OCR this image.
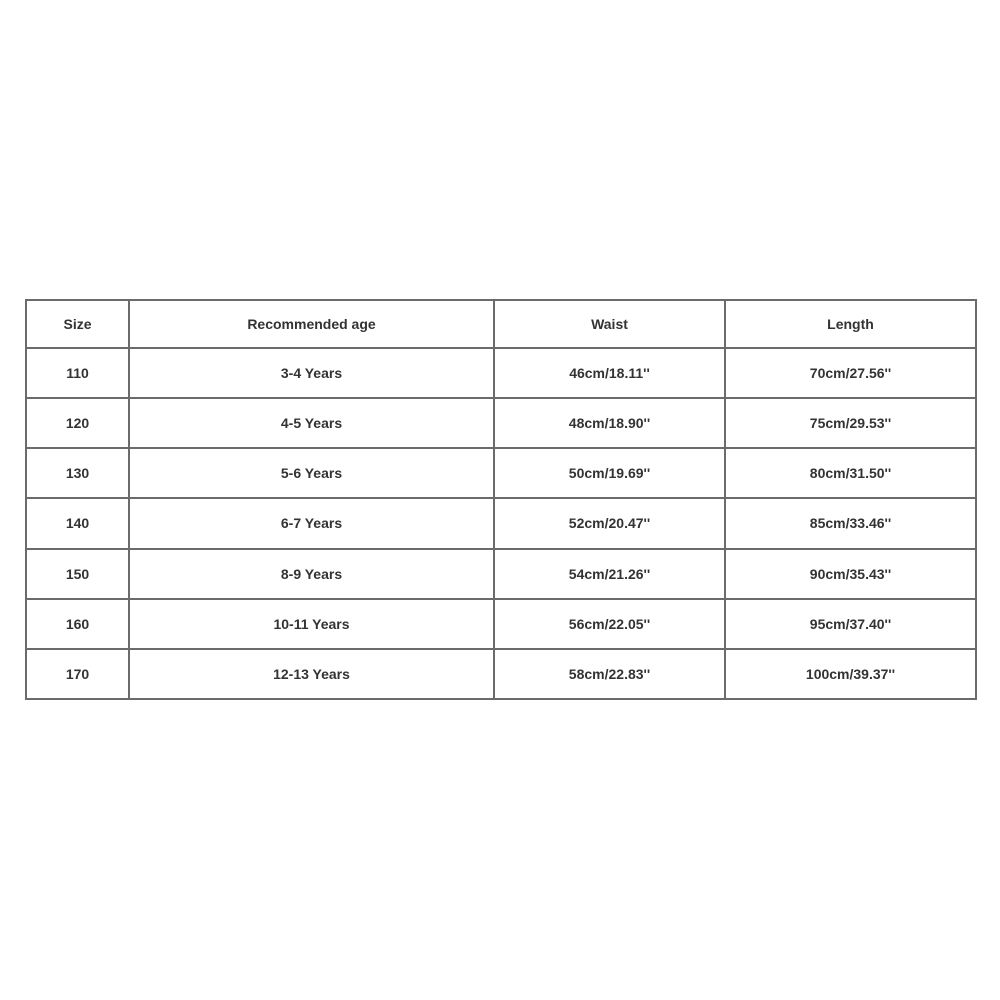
Size	Recommended age	Waist	Length
110	3-4 Years	46cm/18.11''	70cm/27.56''
120	4-5 Years	48cm/18.90''	75cm/29.53''
130	5-6 Years	50cm/19.69''	80cm/31.50''
140	6-7 Years	52cm/20.47''	85cm/33.46''
150	8-9 Years	54cm/21.26''	90cm/35.43''
160	10-11 Years	56cm/22.05''	95cm/37.40''
170	12-13 Years	58cm/22.83''	100cm/39.37''
